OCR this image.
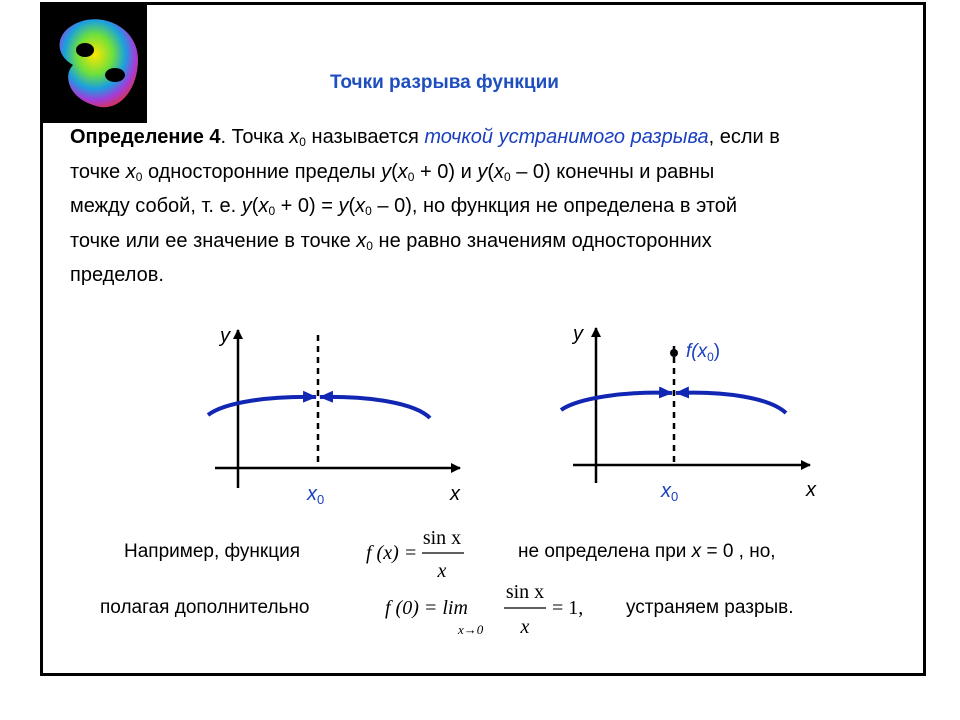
Точки разрыва функции
Определение 4. Точка $x_0$ называется точкой устранимого разрыва, если в
точке $x_0$ односторонние пределы $y(x_0 + 0)$ и $y(x_0 - 0)$ конечны и равны
между собой, т. е. $y(x_0 + 0) = y(x_0 - 0)$, но функция не определена в этой
точке или ее значение в точке $x_0$ не равно значениям односторонних
пределов.
y
x
$x_0$
$f(x_0)$
y
x
$x_0$
Например, функция	f (x) =
sin x
x
не определена при x = 0 , но,
полагая дополнительно	f (0) = lim
x→0
sin x
x
= 1, устраняем разрыв.
